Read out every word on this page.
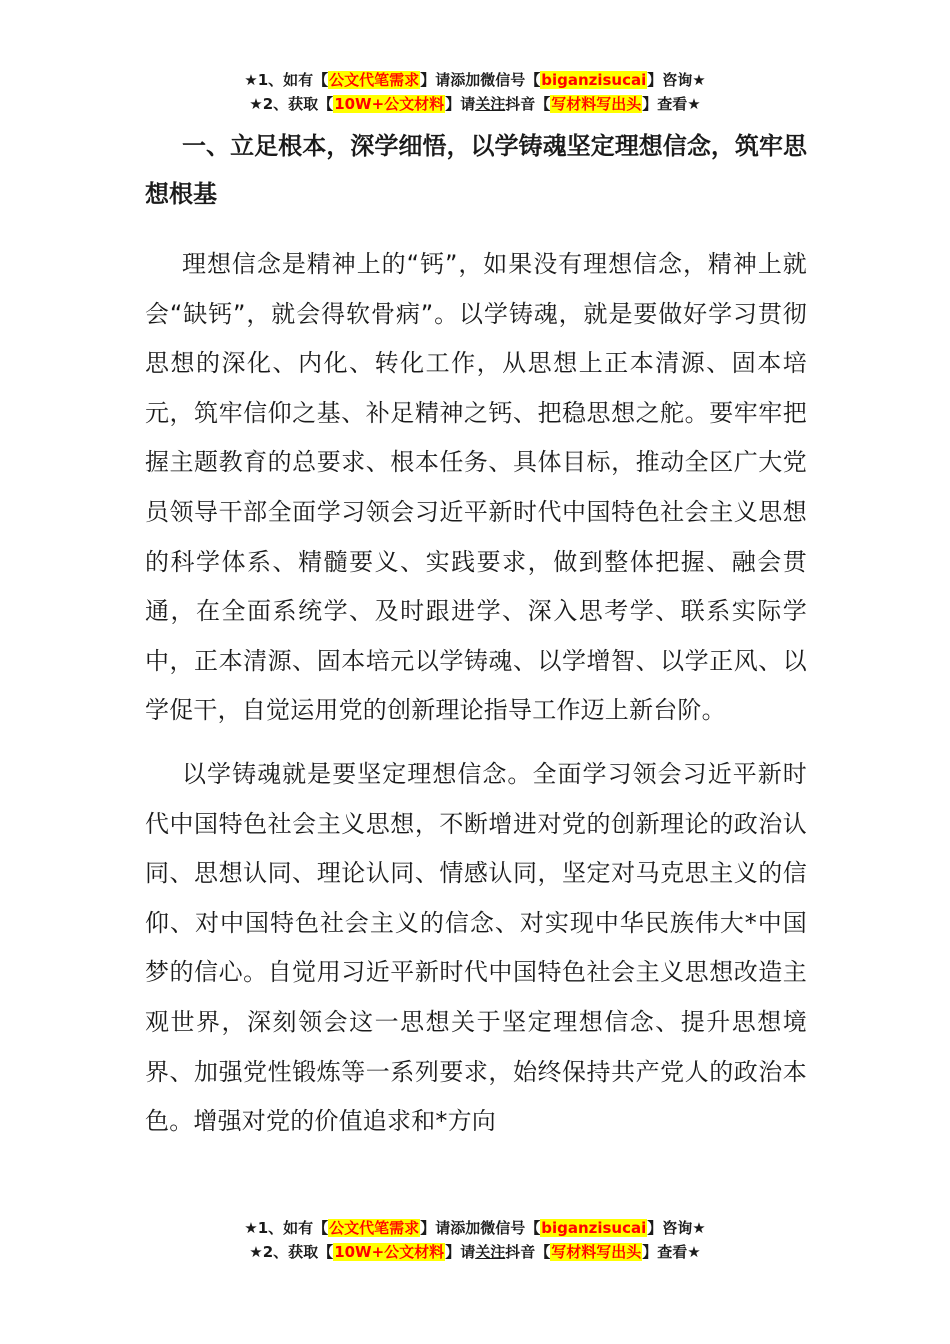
★1、如有【公文代笔需求】请添加微信号【biganzisucai】咨询★
★2、获取【10W+公文材料】请关注抖音【写材料写出头】查看★

一、立足根本，深学细悟，以学铸魂坚定理想信念，筑牢思想根基

理想信念是精神上的“钙”，如果没有理想信念，精神上就会“缺钙”，就会得软骨病”。以学铸魂，就是要做好学习贯彻思想的深化、内化、转化工作，从思想上正本清源、固本培元，筑牢信仰之基、补足精神之钙、把稳思想之舵。要牢牢把握主题教育的总要求、根本任务、具体目标，推动全区广大党员领导干部全面学习领会习近平新时代中国特色社会主义思想的科学体系、精髓要义、实践要求，做到整体把握、融会贯通，在全面系统学、及时跟进学、深入思考学、联系实际学中，正本清源、固本培元以学铸魂、以学增智、以学正风、以学促干，自觉运用党的创新理论指导工作迈上新台阶。

以学铸魂就是要坚定理想信念。全面学习领会习近平新时代中国特色社会主义思想，不断增进对党的创新理论的政治认同、思想认同、理论认同、情感认同，坚定对马克思主义的信仰、对中国特色社会主义的信念、对实现中华民族伟大*中国梦的信心。自觉用习近平新时代中国特色社会主义思想改造主观世界，深刻领会这一思想关于坚定理想信念、提升思想境界、加强党性锻炼等一系列要求，始终保持共产党人的政治本色。增强对党的价值追求和*方向

★1、如有【公文代笔需求】请添加微信号【biganzisucai】咨询★
★2、获取【10W+公文材料】请关注抖音【写材料写出头】查看★
